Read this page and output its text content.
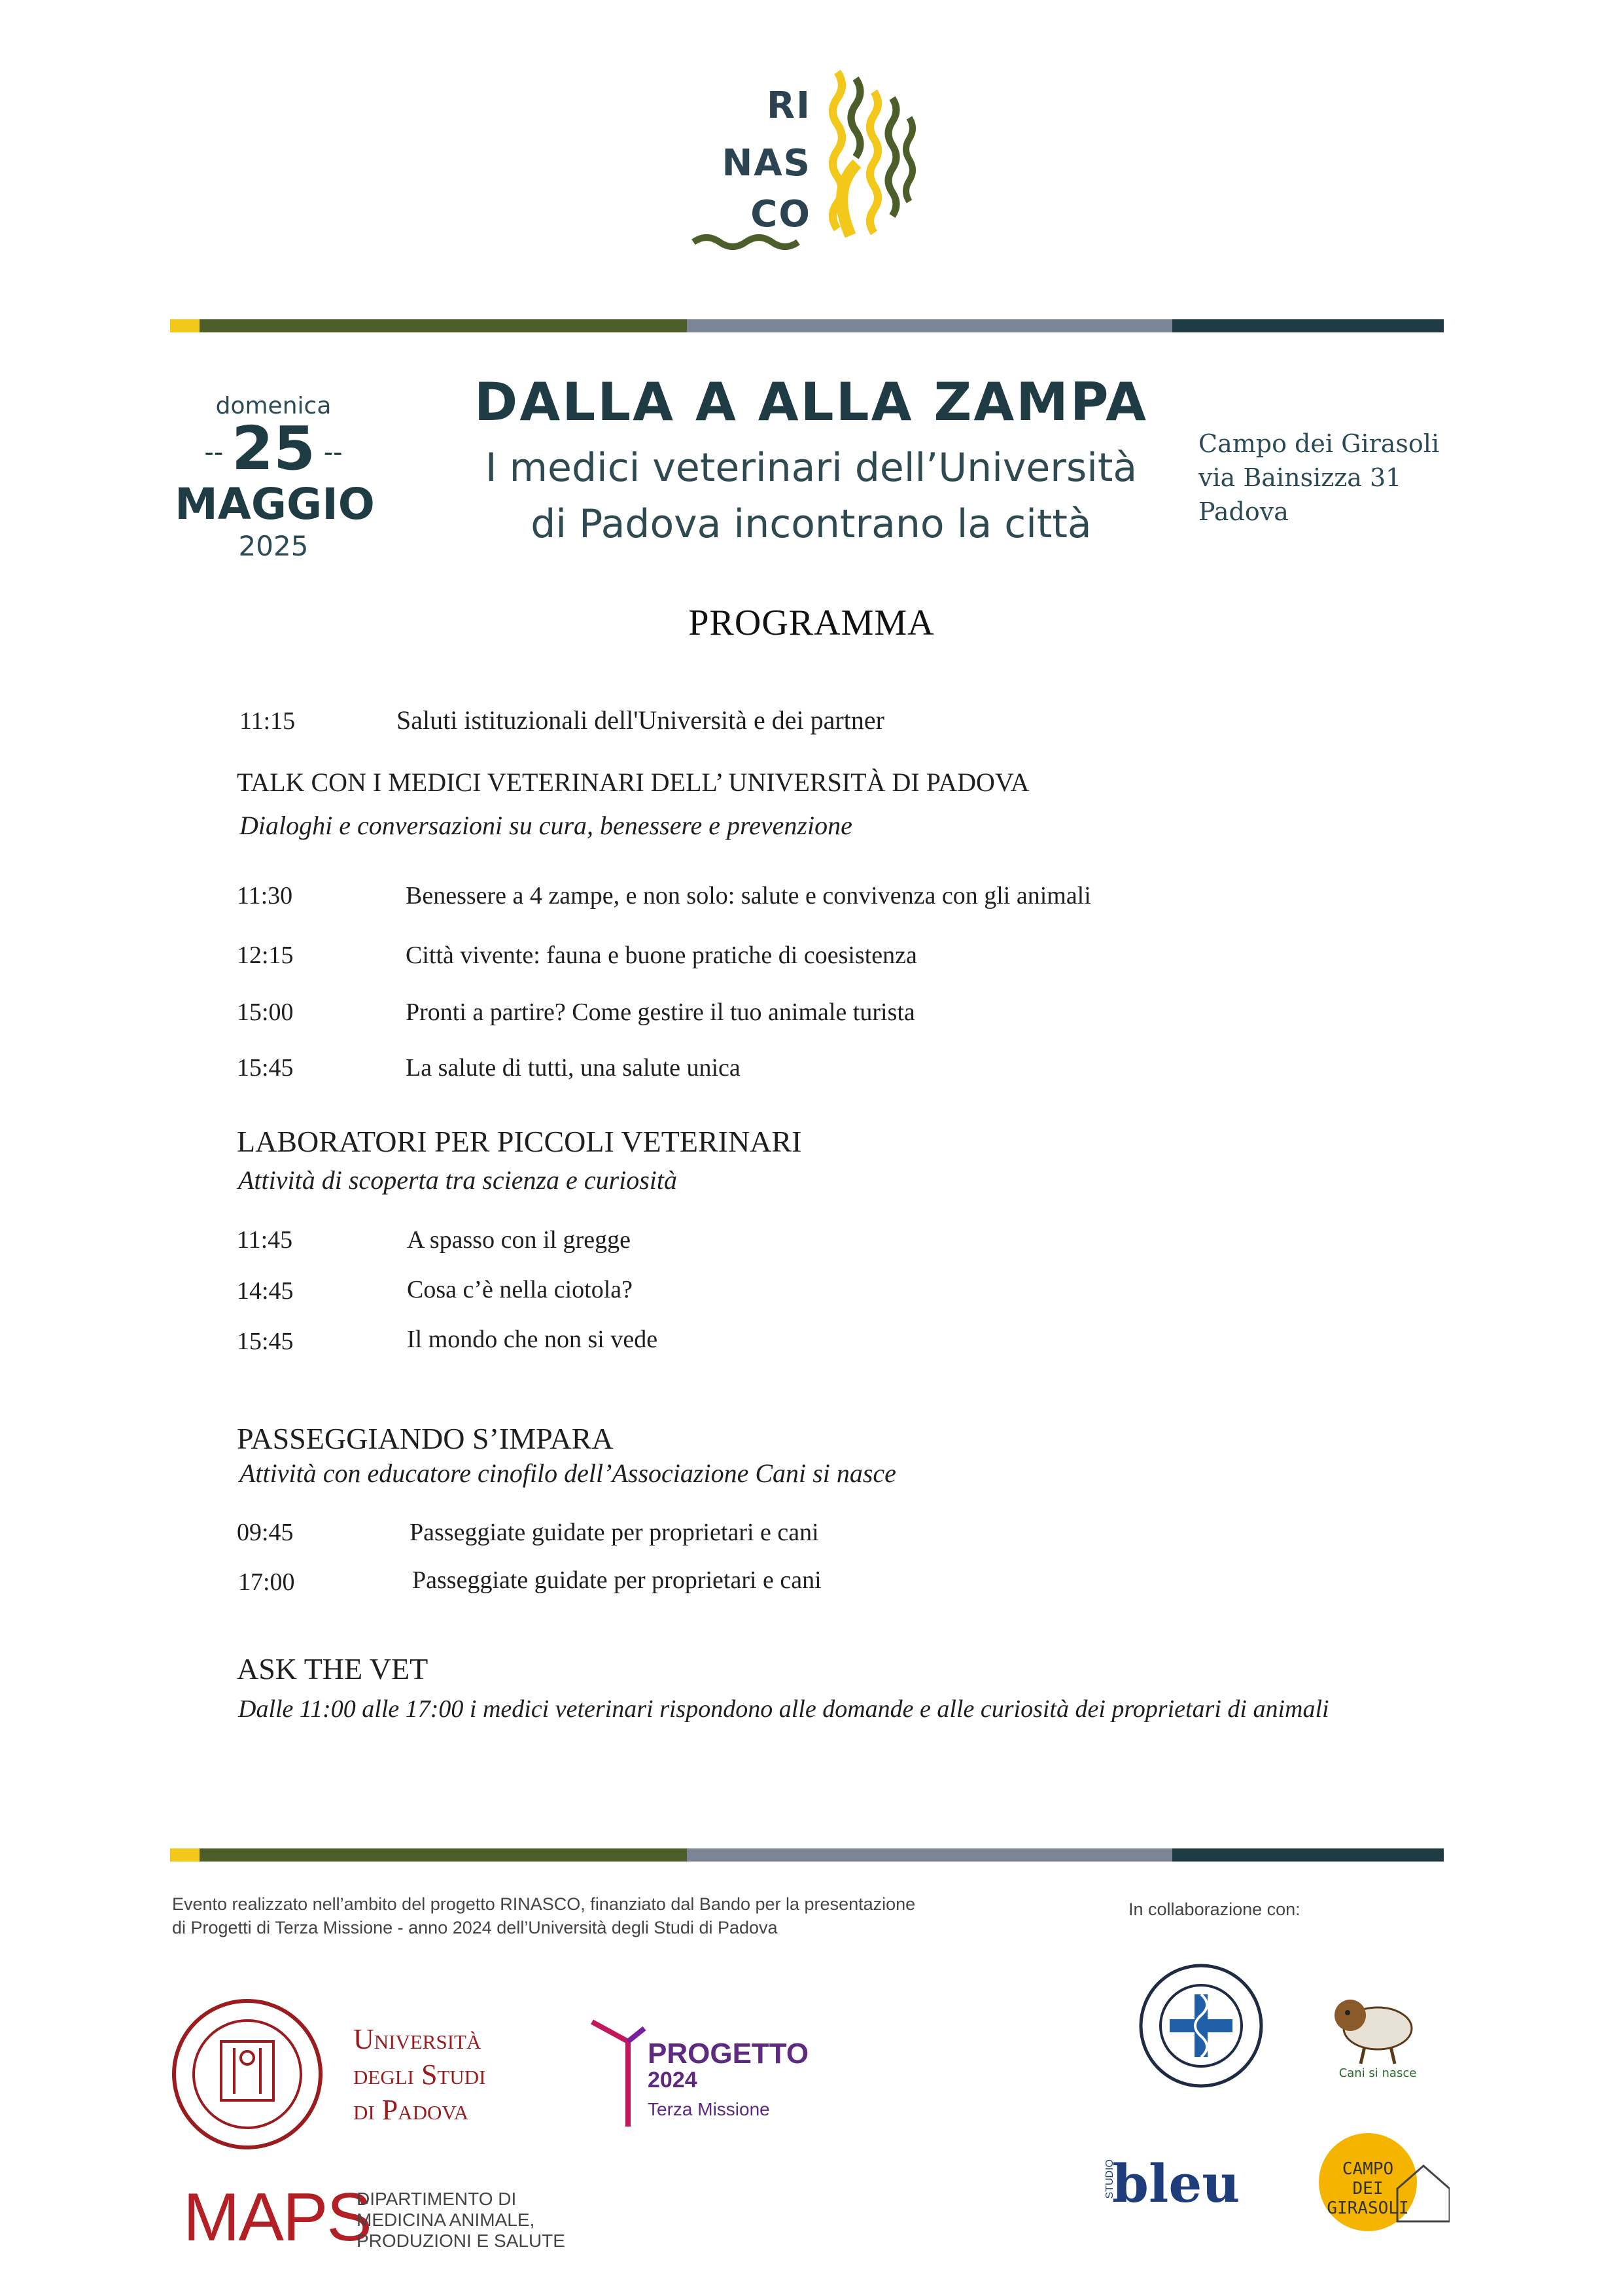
RI
NAS
CO
domenica
-- 25 --
MAGGIO
2025
DALLA A ALLA ZAMPA
I medici veterinari dell’Università
di Padova incontrano la città
Campo dei Girasoli
via Bainsizza 31
Padova
PROGRAMMA
11:15	Saluti istituzionali dell'Università e dei partner
TALK CON I MEDICI VETERINARI DELL’ UNIVERSITÀ DI PADOVA
Dialoghi e conversazioni su cura, benessere e prevenzione
11:30	Benessere a 4 zampe, e non solo: salute e convivenza con gli animali
12:15	Città vivente: fauna e buone pratiche di coesistenza
15:00	Pronti a partire? Come gestire il tuo animale turista
15:45	La salute di tutti, una salute unica
LABORATORI PER PICCOLI VETERINARI
Attività di scoperta tra scienza e curiosità
11:45	A spasso con il gregge
14:45	Cosa c’è nella ciotola?
15:45	Il mondo che non si vede
PASSEGGIANDO S’IMPARA
Attività con educatore cinofilo dell’Associazione Cani si nasce
09:45	Passeggiate guidate per proprietari e cani
17:00	Passeggiate guidate per proprietari e cani
ASK THE VET
Dalle 11:00 alle 17:00 i medici veterinari rispondono alle domande e alle curiosità dei proprietari di animali
Evento realizzato nell’ambito del progetto RINASCO, finanziato dal Bando per la presentazione
di Progetti di Terza Missione - anno 2024 dell’Università degli Studi di Padova
In collaborazione con:
Università
degli Studi
di Padova
PROGETTO
2024
Terza Missione
MAPS
DIPARTIMENTO DI
MEDICINA ANIMALE,
PRODUZIONI E SALUTE
Cani si nasce
STUDIO
bleu	CAMPO
DEI
GIRASOLI
